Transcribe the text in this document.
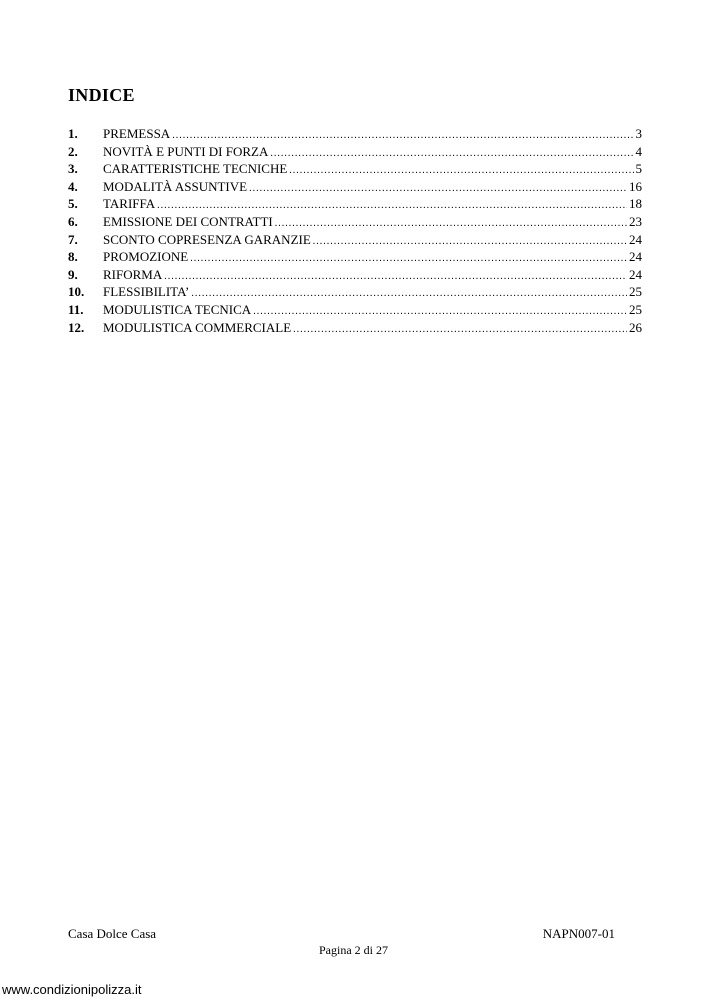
INDICE
1.	PREMESSA .....	3
2.	NOVITÀ E PUNTI DI FORZA .....	4
3.	CARATTERISTICHE TECNICHE .....	5
4.	MODALITÀ ASSUNTIVE .....	16
5.	TARIFFA .....	18
6.	EMISSIONE DEI CONTRATTI .....	23
7.	SCONTO COPRESENZA GARANZIE .....	24
8.	PROMOZIONE .....	24
9.	RIFORMA .....	24
10.	FLESSIBILITA’ .....	25
11.	MODULISTICA TECNICA .....	25
12.	MODULISTICA COMMERCIALE .....	26
Casa Dolce Casa	NAPN007-01
Pagina 2 di 27
www.condizionipolizza.it
